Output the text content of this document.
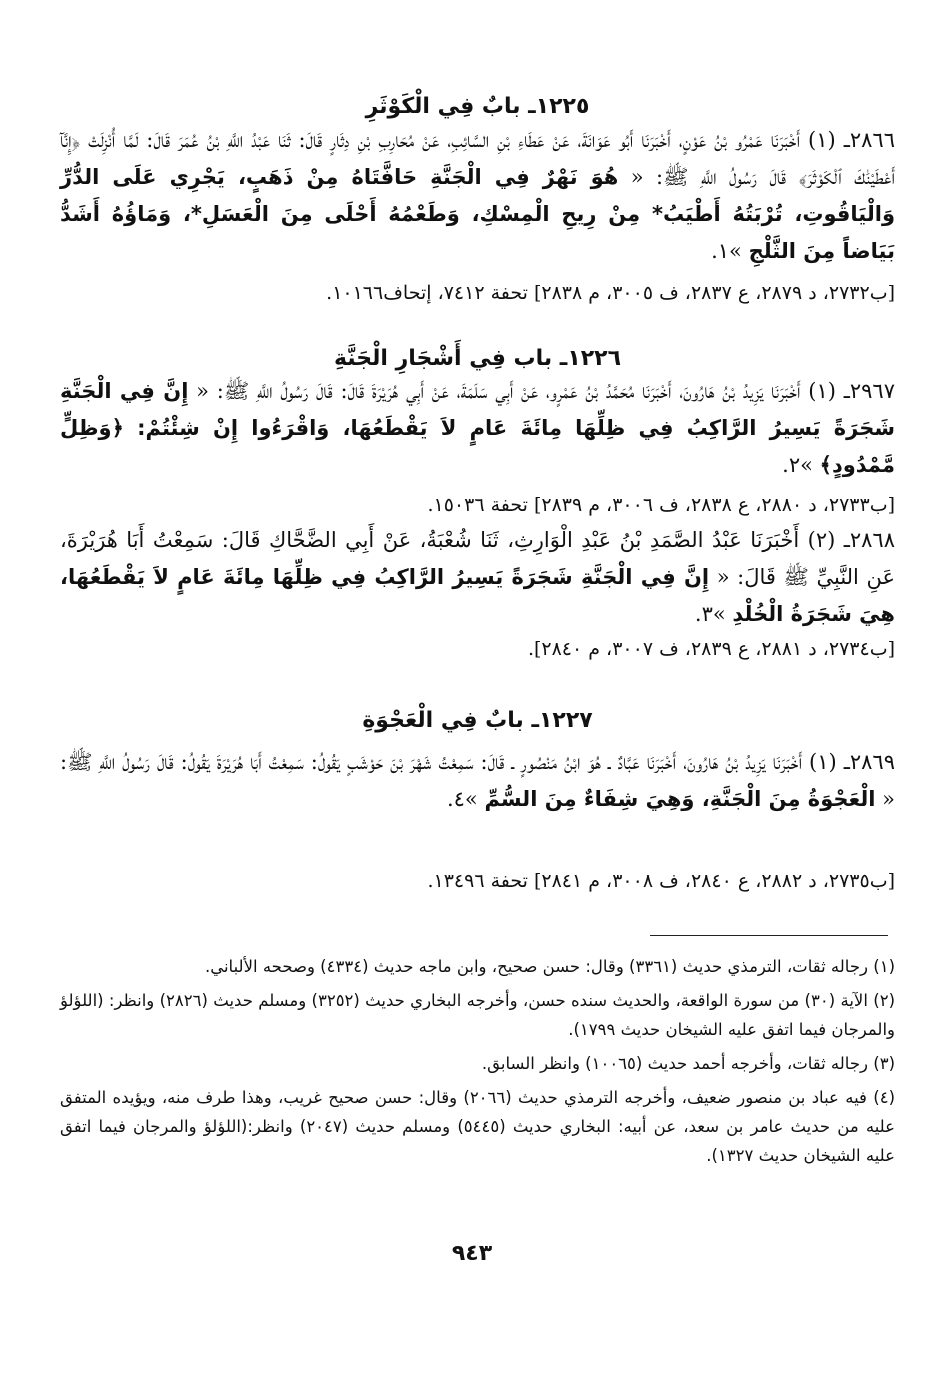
١٢٢٥ـ بابٌ فِي الْكَوْثَرِ
٢٨٦٦ـ (١) أَخْبَرَنَا عَمْرُو بْنُ عَوْنٍ، أَخْبَرَنَا أَبُو عَوَانَةَ، عَنْ عَطَاءِ بْنِ السَّائِبِ، عَنْ مُحَارِبِ بْنِ دِثَارٍ قَالَ: ثَنَا عَبْدُ اللَّهِ بْنُ عُمَرَ قَالَ: لَمَّا أُنْزِلَتْ ﴿إِنَّآ أَعْطَيْنَٰكَ ٱلْكَوْثَرَ﴾ قَالَ رَسُولُ اللَّهِ ﷺ: « هُوَ نَهْرٌ فِي الْجَنَّةِ حَافَّتَاهُ مِنْ ذَهَبٍ، يَجْرِي عَلَى الدُّرِّ وَالْيَاقُوتِ، تُرْبَتُهُ أَطْيَبُ* مِنْ رِيحِ الْمِسْكِ، وَطَعْمُهُ أَحْلَى مِنَ الْعَسَلِ*، وَمَاؤُهُ أَشَدُّ بَيَاضاً مِنَ الثَّلْجِ »١.
[ب٢٧٣٢، د ٢٨٧٩، ع ٢٨٣٧، ف ٣٠٠٥، م ٢٨٣٨] تحفة ٧٤١٢، إتحاف١٠١٦٦.
١٢٢٦ـ باب فِي أَشْجَارِ الْجَنَّةِ
٢٩٦٧ـ (١) أَخْبَرَنَا يَزِيدُ بْنُ هَارُونَ، أَخْبَرَنَا مُحَمَّدُ بْنُ عَمْرٍو، عَنْ أَبِي سَلَمَةَ، عَنْ أَبِي هُرَيْرَةَ قَالَ: قَالَ رَسُولُ اللَّهِ ﷺ: « إِنَّ فِي الْجَنَّةِ شَجَرَةً يَسِيرُ الرَّاكِبُ فِي ظِلِّهَا مِائَةَ عَامٍ لاَ يَقْطَعُهَا، وَاقْرَءُوا إِنْ شِئْتُمْ: ﴿وَظِلٍّ مَّمْدُودٍ﴾ »٢.
[ب٢٧٣٣، د ٢٨٨٠، ع ٢٨٣٨، ف ٣٠٠٦، م ٢٨٣٩] تحفة ١٥٠٣٦.
٢٨٦٨ـ (٢) أَخْبَرَنَا عَبْدُ الصَّمَدِ بْنُ عَبْدِ الْوَارِثِ، ثَنَا شُعْبَةُ، عَنْ أَبِي الضَّحَّاكِ قَالَ: سَمِعْتُ أَبَا هُرَيْرَةَ، عَنِ النَّبِيِّ ﷺ قَالَ: « إِنَّ فِي الْجَنَّةِ شَجَرَةً يَسِيرُ الرَّاكِبُ فِي ظِلِّهَا مِائَةَ عَامٍ لاَ يَقْطَعُهَا، هِيَ شَجَرَةُ الْخُلْدِ »٣.
[ب٢٧٣٤، د ٢٨٨١، ع ٢٨٣٩، ف ٣٠٠٧، م ٢٨٤٠].
١٢٢٧ـ بابٌ فِي الْعَجْوَةِ
٢٨٦٩ـ (١) أَخْبَرَنَا يَزِيدُ بْنُ هَارُونَ، أَخْبَرَنَا عَبَّادٌ ـ هُوَ ابْنُ مَنْصُورٍ ـ قَالَ: سَمِعْتُ شَهْرَ بْنَ حَوْشَبٍ يَقُولُ: سَمِعْتُ أَبَا هُرَيْرَةَ يَقُولُ: قَالَ رَسُولُ اللَّهِ ﷺ: « الْعَجْوَةُ مِنَ الْجَنَّةِ، وَهِيَ شِفَاءٌ مِنَ السُّمِّ »٤.
[ب٢٧٣٥، د ٢٨٨٢، ع ٢٨٤٠، ف ٣٠٠٨، م ٢٨٤١] تحفة ١٣٤٩٦.
(١) رجاله ثقات، الترمذي حديث (٣٣٦١) وقال: حسن صحيح، وابن ماجه حديث (٤٣٣٤) وصححه الألباني.
(٢) الآية (٣٠) من سورة الواقعة، والحديث سنده حسن، وأخرجه البخاري حديث (٣٢٥٢) ومسلم حديث (٢٨٢٦) وانظر: (اللؤلؤ والمرجان فيما اتفق عليه الشيخان حديث ١٧٩٩).
(٣) رجاله ثقات، وأخرجه أحمد حديث (١٠٠٦٥) وانظر السابق.
(٤) فيه عباد بن منصور ضعيف، وأخرجه الترمذي حديث (٢٠٦٦) وقال: حسن صحيح غريب، وهذا طرف منه، ويؤيده المتفق عليه من حديث عامر بن سعد، عن أبيه: البخاري حديث (٥٤٤٥) ومسلم حديث (٢٠٤٧) وانظر:(اللؤلؤ والمرجان فيما اتفق عليه الشيخان حديث ١٣٢٧).
٩٤٣
